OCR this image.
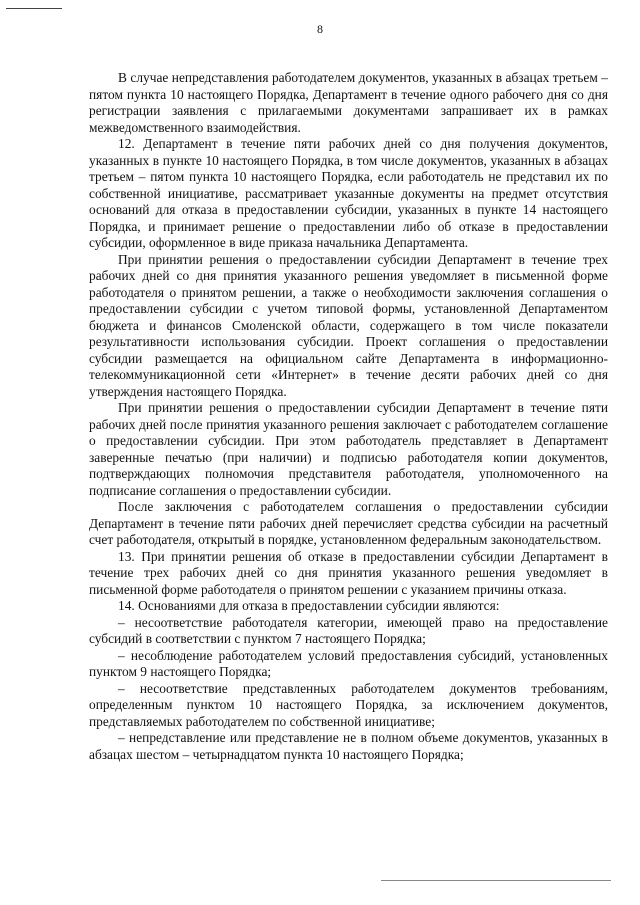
8

В случае непредставления работодателем документов, указанных в абзацах третьем – пятом пункта 10 настоящего Порядка, Департамент в течение одного рабочего дня со дня регистрации заявления с прилагаемыми документами запрашивает их в рамках межведомственного взаимодействия.

12. Департамент в течение пяти рабочих дней со дня получения документов, указанных в пункте 10 настоящего Порядка, в том числе документов, указанных в абзацах третьем – пятом пункта 10 настоящего Порядка, если работодатель не представил их по собственной инициативе, рассматривает указанные документы на предмет отсутствия оснований для отказа в предоставлении субсидии, указанных в пункте 14 настоящего Порядка, и принимает решение о предоставлении либо об отказе в предоставлении субсидии, оформленное в виде приказа начальника Департамента.

При принятии решения о предоставлении субсидии Департамент в течение трех рабочих дней со дня принятия указанного решения уведомляет в письменной форме работодателя о принятом решении, а также о необходимости заключения соглашения о предоставлении субсидии с учетом типовой формы, установленной Департаментом бюджета и финансов Смоленской области, содержащего в том числе показатели результативности использования субсидии. Проект соглашения о предоставлении субсидии размещается на официальном сайте Департамента в информационно-телекоммуникационной сети «Интернет» в течение десяти рабочих дней со дня утверждения настоящего Порядка.

При принятии решения о предоставлении субсидии Департамент в течение пяти рабочих дней после принятия указанного решения заключает с работодателем соглашение о предоставлении субсидии. При этом работодатель представляет в Департамент заверенные печатью (при наличии) и подписью работодателя копии документов, подтверждающих полномочия представителя работодателя, уполномоченного на подписание соглашения о предоставлении субсидии.

После заключения с работодателем соглашения о предоставлении субсидии Департамент в течение пяти рабочих дней перечисляет средства субсидии на расчетный счет работодателя, открытый в порядке, установленном федеральным законодательством.

13. При принятии решения об отказе в предоставлении субсидии Департамент в течение трех рабочих дней со дня принятия указанного решения уведомляет в письменной форме работодателя о принятом решении с указанием причины отказа.

14. Основаниями для отказа в предоставлении субсидии являются:

– несоответствие работодателя категории, имеющей право на предоставление субсидий в соответствии с пунктом 7 настоящего Порядка;

– несоблюдение работодателем условий предоставления субсидий, установленных пунктом 9 настоящего Порядка;

– несоответствие представленных работодателем документов требованиям, определенным пунктом 10 настоящего Порядка, за исключением документов, представляемых работодателем по собственной инициативе;

– непредставление или представление не в полном объеме документов, указанных в абзацах шестом – четырнадцатом пункта 10 настоящего Порядка;
